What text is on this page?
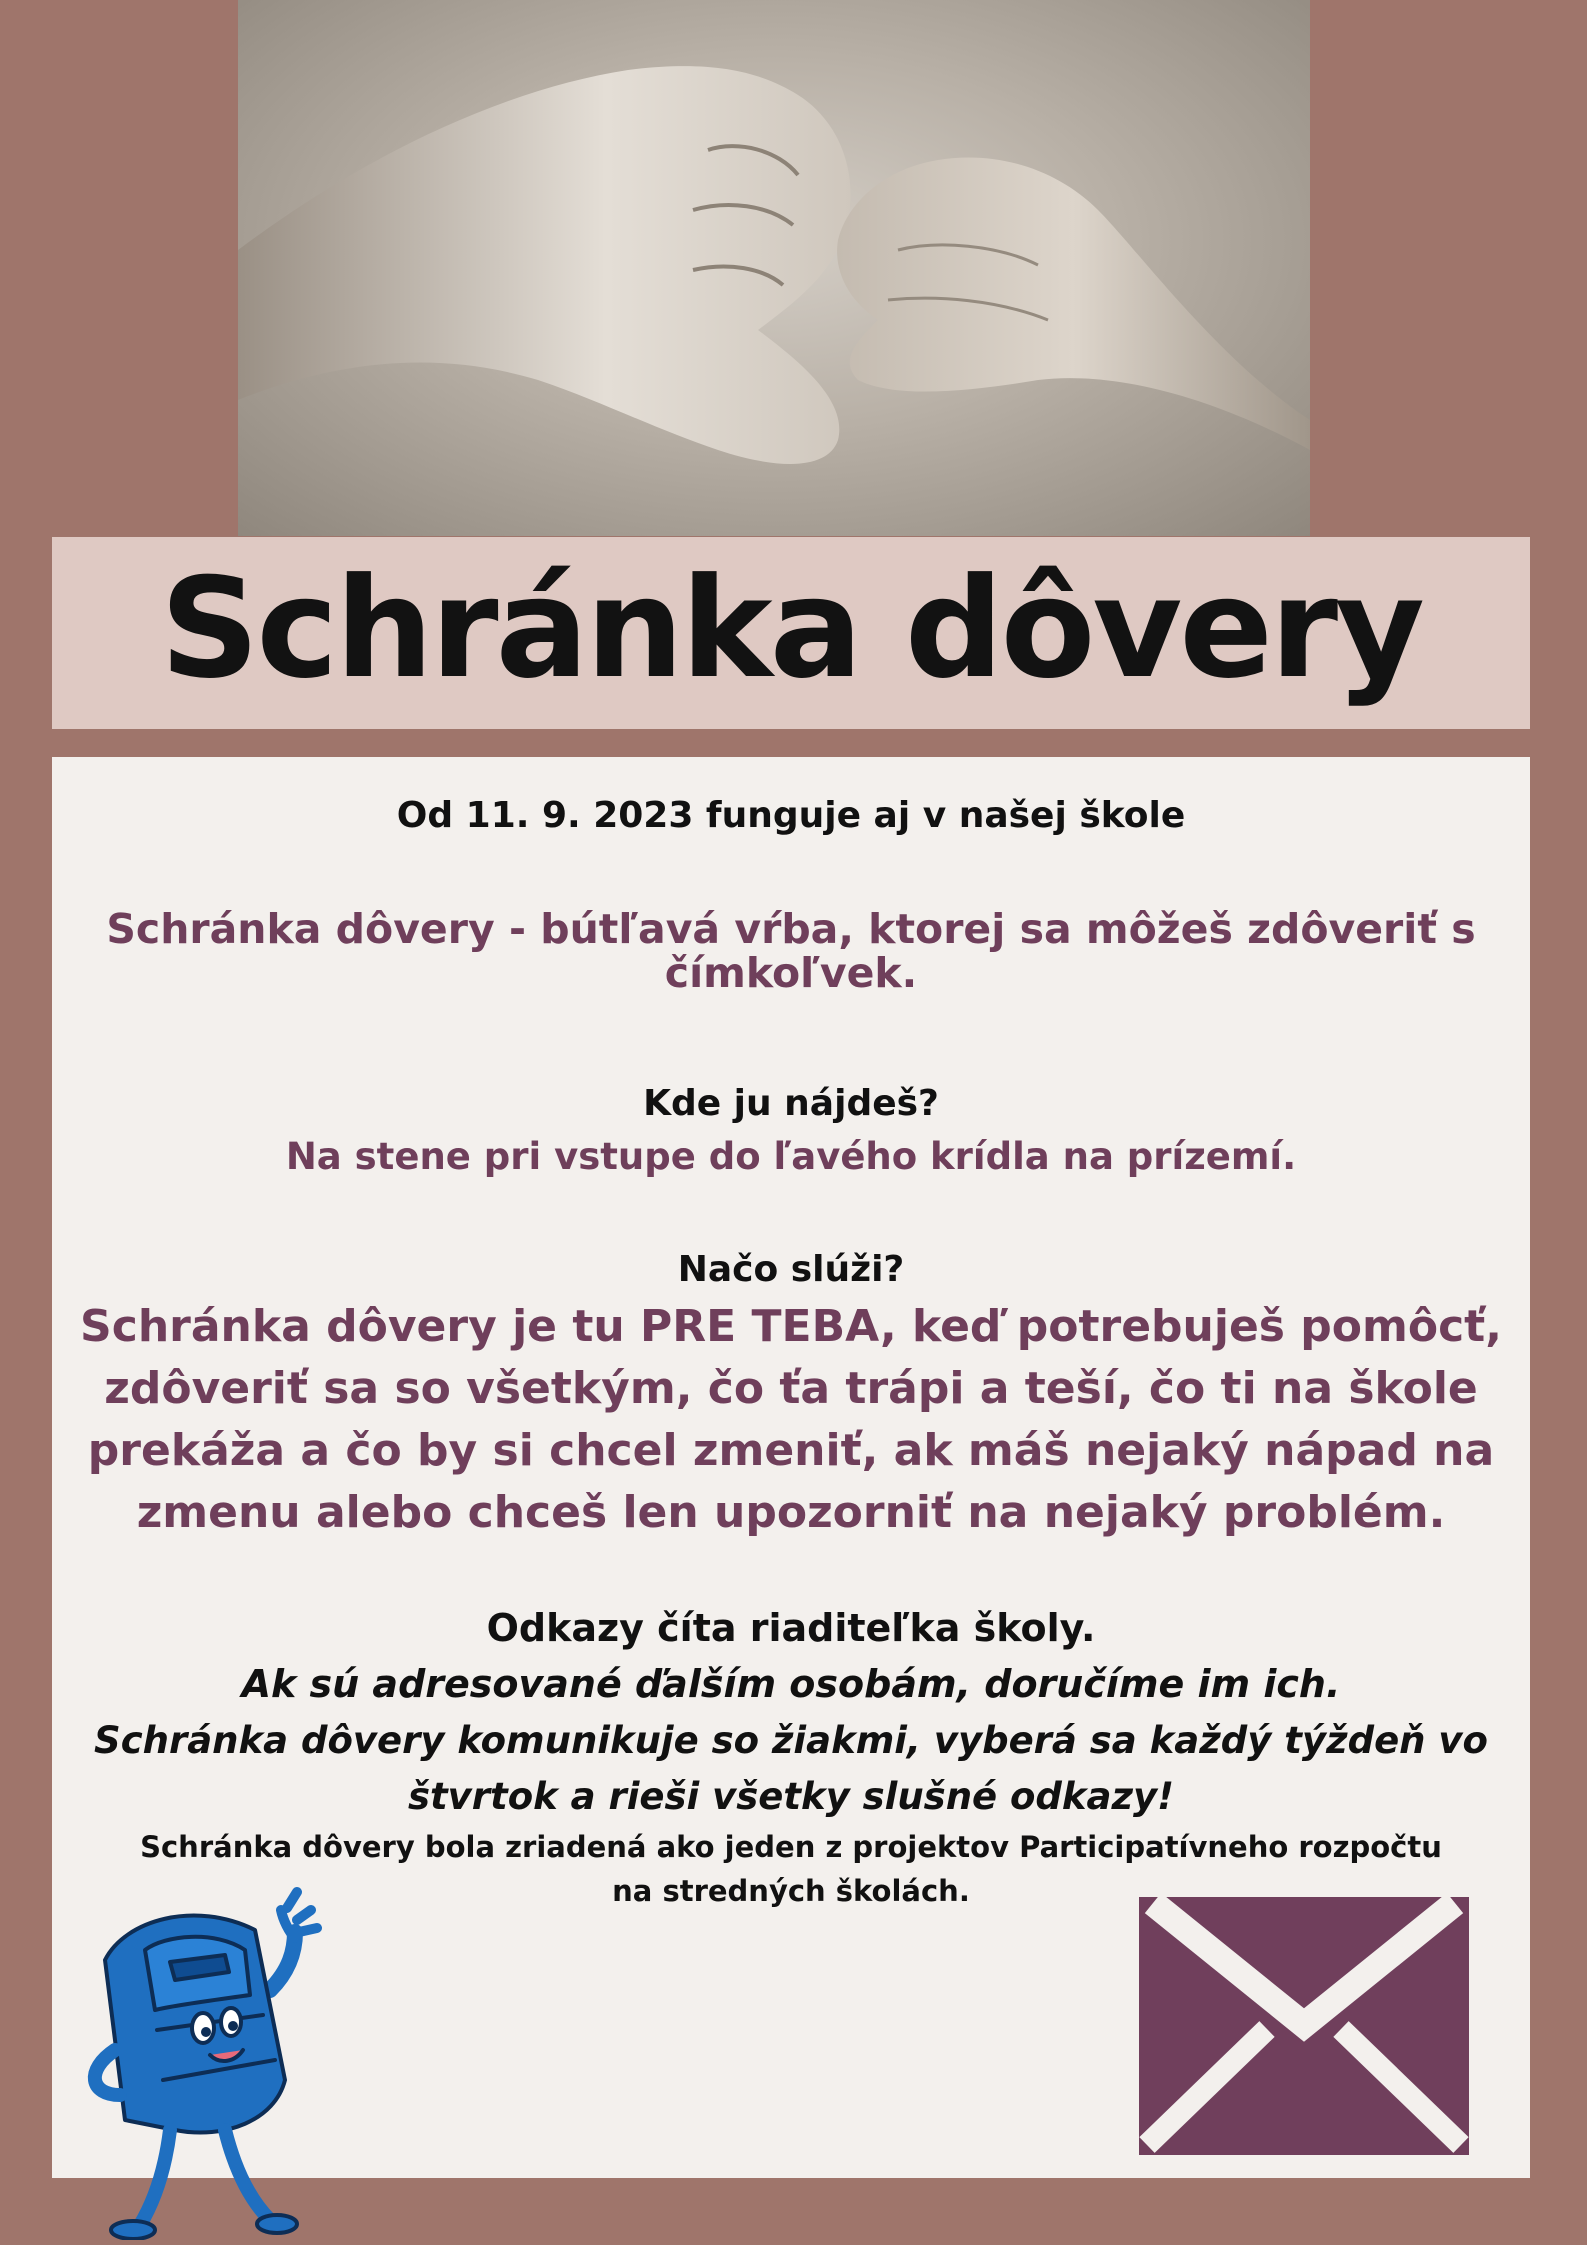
Schránka dôvery

Od 11. 9. 2023 funguje aj v našej škole

Schránka dôvery - bútľavá vŕba, ktorej sa môžeš zdôveriť s

čímkoľvek.

Kde ju nájdeš?

Na stene pri vstupe do ľavého krídla na prízemí.

Načo slúži?

Schránka dôvery je tu PRE TEBA, keď potrebuješ pomôcť,

zdôveriť sa so všetkým, čo ťa trápi a teší, čo ti na škole

prekáža a čo by si chcel zmeniť, ak máš nejaký nápad na

zmenu alebo chceš len upozorniť na nejaký problém.

Odkazy číta riaditeľka školy.

Ak sú adresované ďalším osobám, doručíme im ich.

Schránka dôvery komunikuje so žiakmi, vyberá sa každý týždeň vo

štvrtok a rieši všetky slušné odkazy!

Schránka dôvery bola zriadená ako jeden z projektov Participatívneho rozpočtu

na stredných školách.
